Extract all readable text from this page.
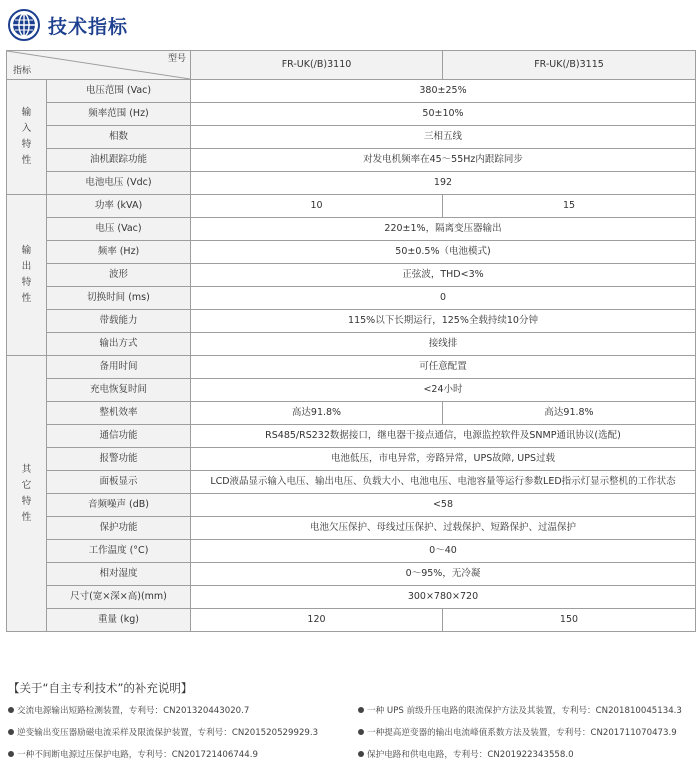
技术指标
型号
指标		FR-UK(/B)3110	FR-UK(/B)3115

输入特性	电压范围 (Vac)	380±25%	
	频率范围 (Hz)	50±10%	
	相数	三相五线	
	油机跟踪功能	对发电机频率在45～55Hz内跟踪同步	
	电池电压 (Vdc)	192	

输出特性	功率 (kVA)	10	15
	电压 (Vac)	220±1%，隔离变压器输出	
	频率 (Hz)	50±0.5%（电池模式)	
	波形	正弦波，THD<3%	
	切换时间 (ms)	0	
	带载能力	115%以下长期运行，125%全载持续10分钟	
	输出方式	接线排	

其它特性	备用时间	可任意配置	
	充电恢复时间	<24小时	
	整机效率	高达91.8%	高达91.8%
	通信功能	RS485/RS232数据接口，继电器干接点通信，电源监控软件及SNMP通讯协议(选配)	
	报警功能	电池低压，市电异常，旁路异常，UPS故障, UPS过载	
	面板显示	LCD液晶显示输入电压、输出电压、负载大小、电池电压、电池容量等运行参数LED指示灯显示整机的工作状态	
	音频噪声 (dB)	<58	
	保护功能	电池欠压保护、母线过压保护、过载保护、短路保护、过温保护	
	工作温度 (°C)	0～40	
	相对湿度	0～95%，无冷凝	
	尺寸(宽×深×高)(mm)	300×780×720	
	重量 (kg)	120	150
【关于“自主专利技术”的补充说明】
交流电源输出短路检测装置，专利号：CN201320443020.7	一种 UPS 前级升压电路的限流保护方法及其装置，专利号：CN201810045134.3
逆变输出变压器励磁电流采样及限流保护装置，专利号：CN201520529929.3	一种提高逆变器的输出电流峰值系数方法及装置，专利号：CN201711070473.9
一种不间断电源过压保护电路，专利号：CN201721406744.9	保护电路和供电电路，专利号：CN201922343558.0
